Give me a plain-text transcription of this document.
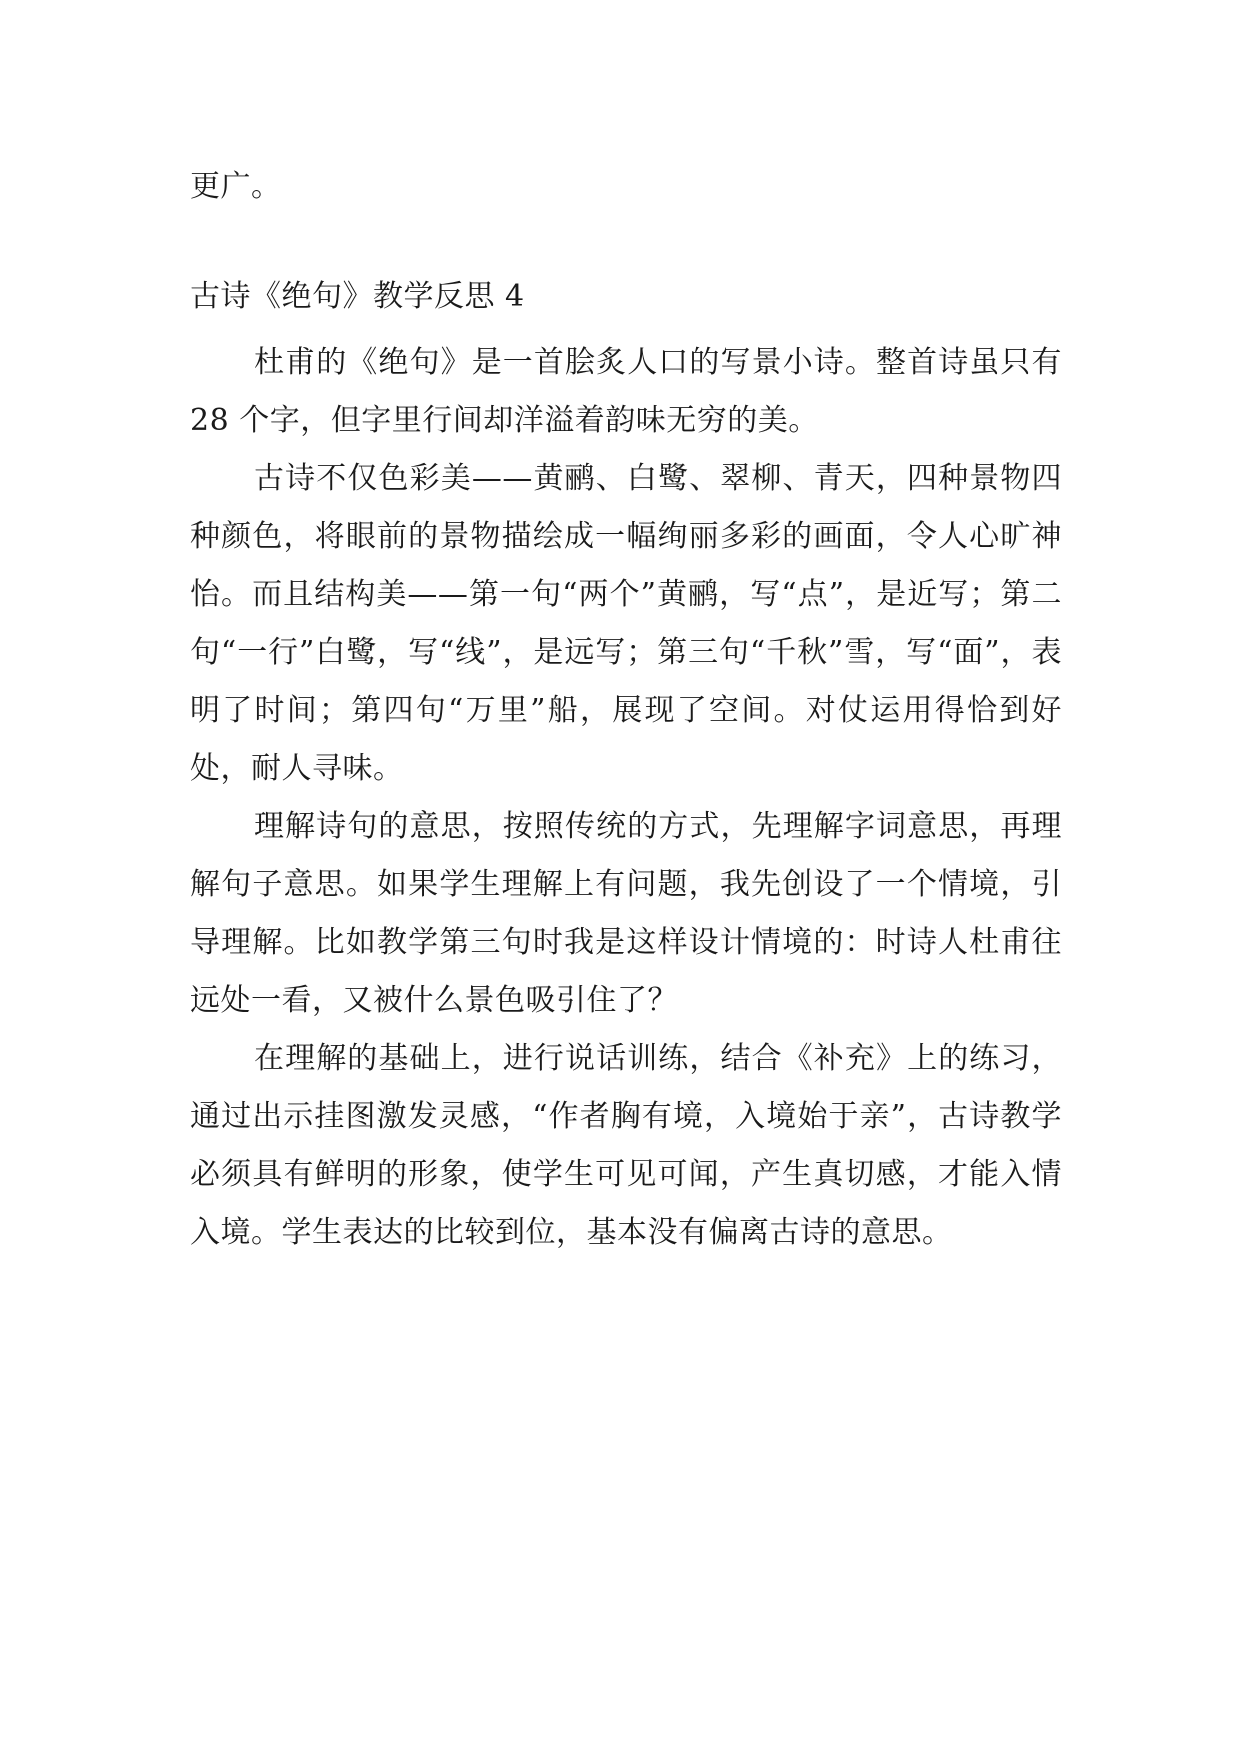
更广。
古诗《绝句》教学反思 4

杜甫的《绝句》是一首脍炙人口的写景小诗。整首诗虽只有 28 个字，但字里行间却洋溢着韵味无穷的美。

古诗不仅色彩美——黄鹂、白鹭、翠柳、青天，四种景物四种颜色，将眼前的景物描绘成一幅绚丽多彩的画面，令人心旷神怡。而且结构美——第一句“两个”黄鹂，写“点”，是近写；第二句“一行”白鹭，写“线”，是远写；第三句“千秋”雪，写“面”，表明了时间；第四句“万里”船，展现了空间。对仗运用得恰到好处，耐人寻味。

理解诗句的意思，按照传统的方式，先理解字词意思，再理解句子意思。如果学生理解上有问题，我先创设了一个情境，引导理解。比如教学第三句时我是这样设计情境的：时诗人杜甫往远处一看，又被什么景色吸引住了？

在理解的基础上，进行说话训练，结合《补充》上的练习，通过出示挂图激发灵感，“作者胸有境，入境始于亲”，古诗教学必须具有鲜明的形象，使学生可见可闻，产生真切感，才能入情入境。学生表达的比较到位，基本没有偏离古诗的意思。
